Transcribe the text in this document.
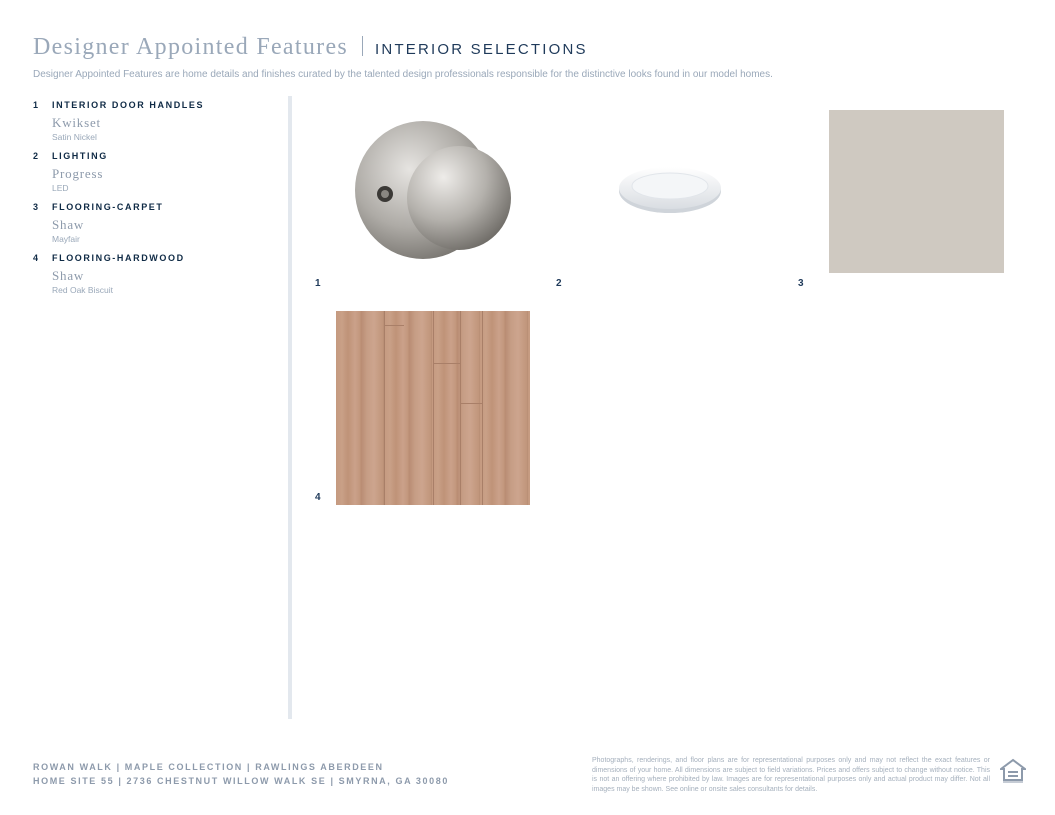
Designer Appointed Features INTERIOR SELECTIONS
Designer Appointed Features are home details and finishes curated by the talented design professionals responsible for the distinctive looks found in our model homes.
1	INTERIOR DOOR HANDLES
Kwikset
Satin Nickel
2	LIGHTING
Progress
LED
3	FLOORING-CARPET
Shaw
Mayfair
4	FLOORING-HARDWOOD
Shaw
Red Oak Biscuit
1	2	3
4
ROWAN WALK | MAPLE COLLECTION | RAWLINGS ABERDEEN
HOME SITE 55 | 2736 CHESTNUT WILLOW WALK SE | SMYRNA, GA 30080
Photographs, renderings, and floor plans are for representational purposes only and may not reflect the exact features or dimensions of your home. All dimensions are subject to field variations. Prices and offers subject to change without notice. This is not an offering where prohibited by law. Images are for representational purposes only and actual product may differ. Not all images may be shown. See online or onsite sales consultants for details.
